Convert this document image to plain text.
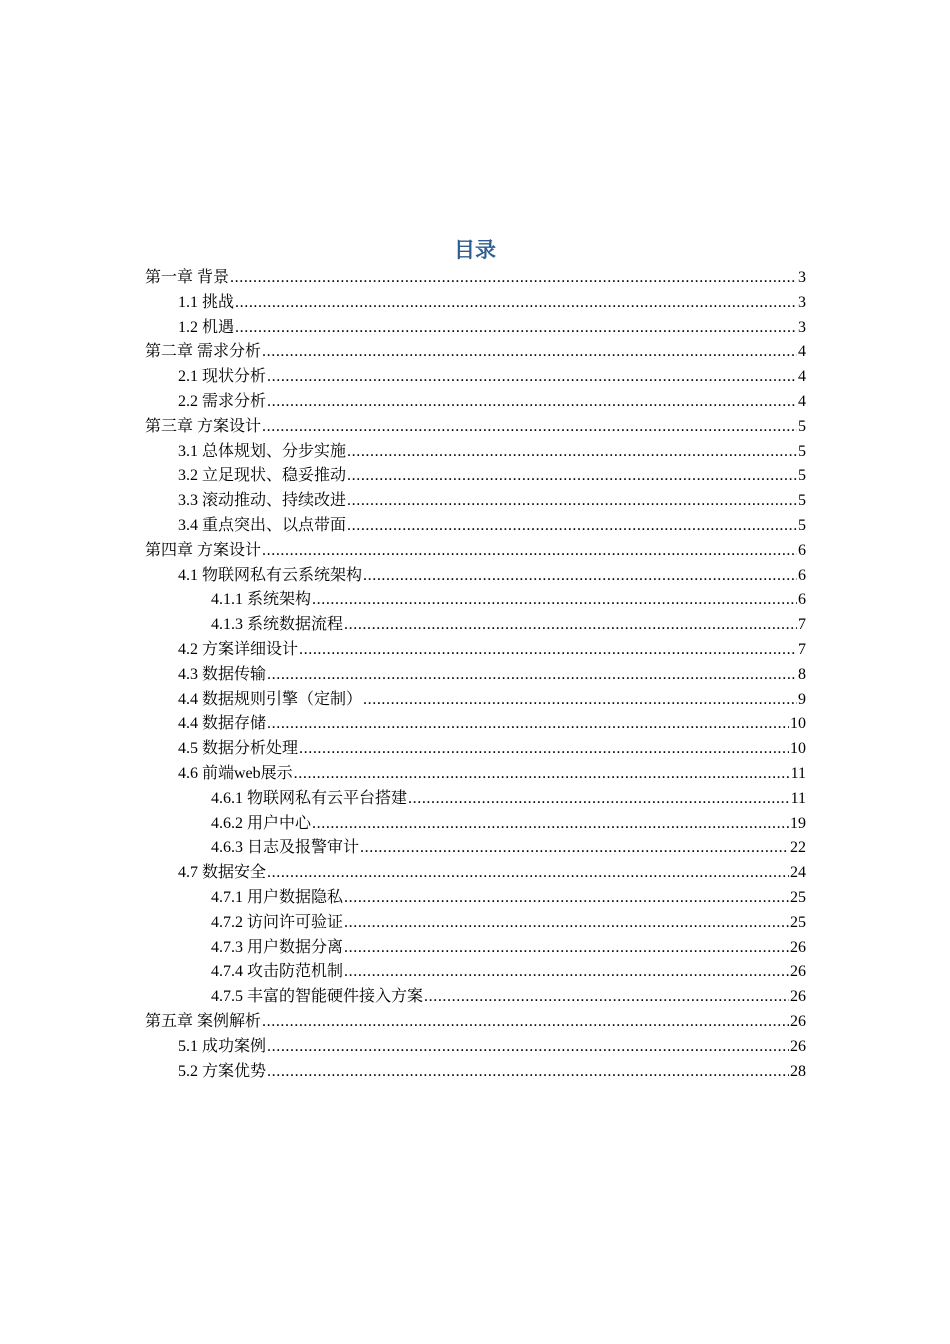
目录
第一章 背景 .....	3
1.1 挑战 .....	3
1.2 机遇 .....	3
第二章 需求分析 .....	4
2.1 现状分析 .....	4
2.2 需求分析 .....	4
第三章 方案设计 .....	5
3.1 总体规划、分步实施 .....	5
3.2 立足现状、稳妥推动 .....	5
3.3 滚动推动、持续改进 .....	5
3.4 重点突出、以点带面 .....	5
第四章 方案设计 .....	6
4.1 物联网私有云系统架构 .....	6
4.1.1 系统架构 .....	6
4.1.3 系统数据流程 .....	7
4.2 方案详细设计 .....	7
4.3 数据传输 .....	8
4.4 数据规则引擎（定制） .....	9
4.4 数据存储 .....	10
4.5 数据分析处理 .....	10
4.6 前端web展示 .....	11
4.6.1 物联网私有云平台搭建 .....	11
4.6.2 用户中心 .....	19
4.6.3 日志及报警审计 .....	22
4.7 数据安全 .....	24
4.7.1 用户数据隐私 .....	25
4.7.2 访问许可验证 .....	25
4.7.3 用户数据分离 .....	26
4.7.4 攻击防范机制 .....	26
4.7.5 丰富的智能硬件接入方案 .....	26
第五章 案例解析 .....	26
5.1 成功案例 .....	26
5.2 方案优势 .....	28
